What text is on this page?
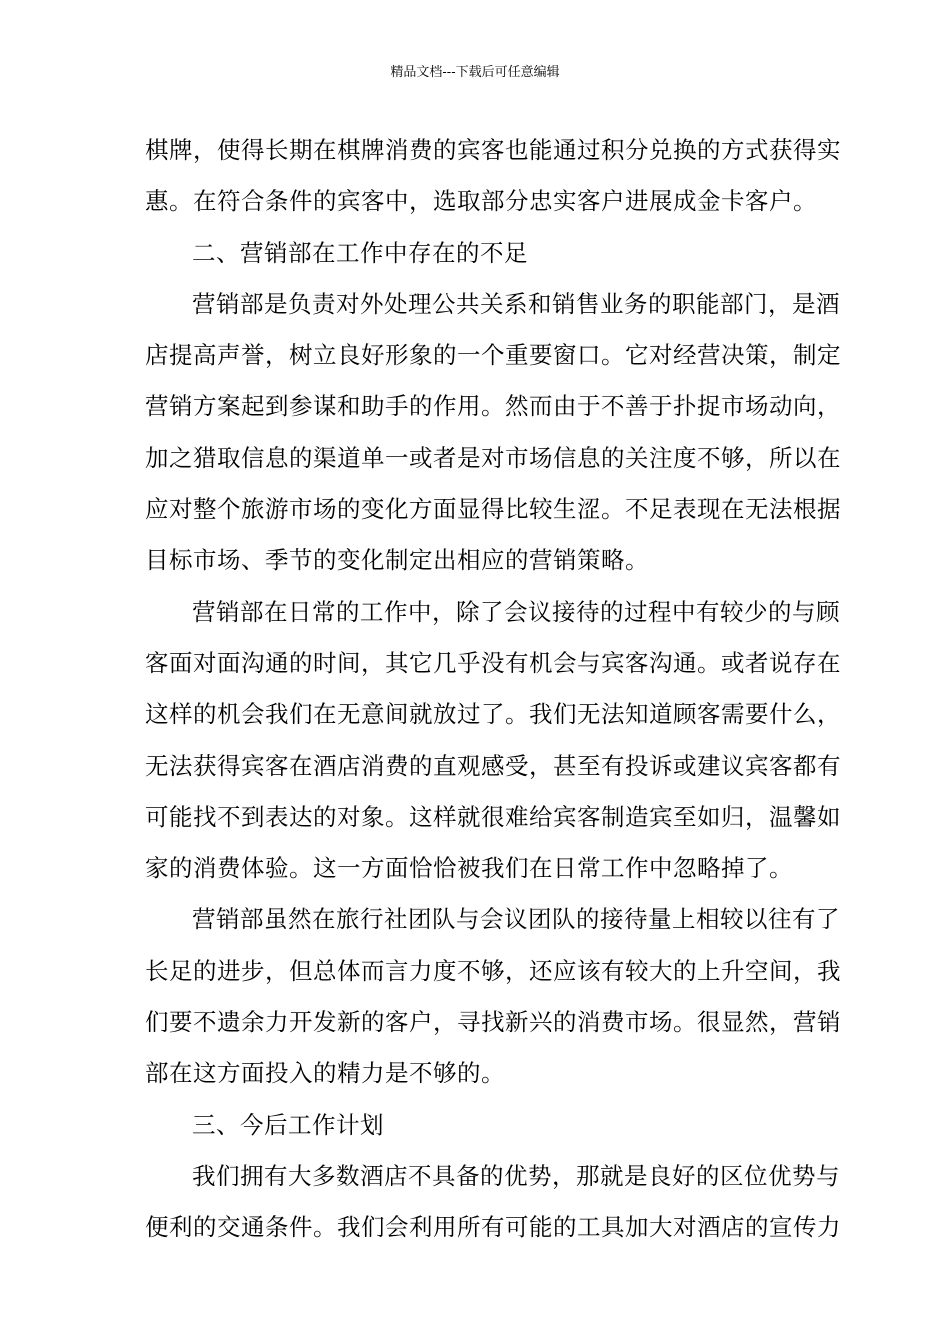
精品文档---下载后可任意编辑
棋牌，使得长期在棋牌消费的宾客也能通过积分兑换的方式获得实
惠。在符合条件的宾客中，选取部分忠实客户进展成金卡客户。
二、营销部在工作中存在的不足
营销部是负责对外处理公共关系和销售业务的职能部门，是酒
店提高声誉，树立良好形象的一个重要窗口。它对经营决策，制定
营销方案起到参谋和助手的作用。然而由于不善于扑捉市场动向，
加之猎取信息的渠道单一或者是对市场信息的关注度不够，所以在
应对整个旅游市场的变化方面显得比较生涩。不足表现在无法根据
目标市场、季节的变化制定出相应的营销策略。
营销部在日常的工作中，除了会议接待的过程中有较少的与顾
客面对面沟通的时间，其它几乎没有机会与宾客沟通。或者说存在
这样的机会我们在无意间就放过了。我们无法知道顾客需要什么，
无法获得宾客在酒店消费的直观感受，甚至有投诉或建议宾客都有
可能找不到表达的对象。这样就很难给宾客制造宾至如归，温馨如
家的消费体验。这一方面恰恰被我们在日常工作中忽略掉了。
营销部虽然在旅行社团队与会议团队的接待量上相较以往有了
长足的进步，但总体而言力度不够，还应该有较大的上升空间，我
们要不遗余力开发新的客户，寻找新兴的消费市场。很显然，营销
部在这方面投入的精力是不够的。
三、今后工作计划
我们拥有大多数酒店不具备的优势，那就是良好的区位优势与
便利的交通条件。我们会利用所有可能的工具加大对酒店的宣传力
